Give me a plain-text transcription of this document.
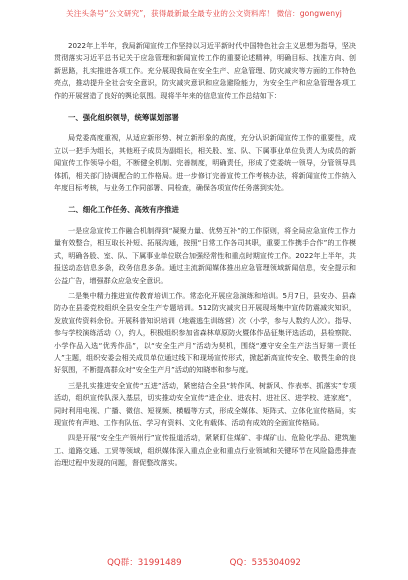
关注头条号“公文研究”，获得最新最全最专业的公文资料库！ 微信：gongwenyj

2022年上半年，我局新闻宣传工作坚持以习近平新时代中国特色社会主义思想为指导，坚决贯彻落实习近平总书记关于应急管理和新闻宣传工作的重要论述精神，明确目标、找准方向、创新思路，扎实推进各项工作。充分展现我局在安全生产、应急管理、防灾减灾等方面的工作特色亮点，推动提升全社会安全意识，防灾减灾意识和应急避险能力，为安全生产和应急管理各项工作的开展营造了良好的舆论氛围。现将半年来的信息宣传工作总结如下：

一、强化组织领导，统筹谋划部署

局党委高度重视，从适应新形势、树立新形象的高度，充分认识新闻宣传工作的重要性，成立以一把手为组长，其他班子成员为副组长，相关股、室、队、下属事业单位负责人为成员的新闻宣传工作领导小组，不断健全机制、完善制度，明确责任，形成了党委统一领导，分管领导具体抓，相关部门协调配合的工作格局。进一步修订完善宣传工作考核办法，将新闻宣传工作纳入年度目标考核，与业务工作同部署、同检查，确保各项宣传任务落到实处。

二、细化工作任务、高效有序推进

一是应急宣传工作融合机制得到“凝聚力量、优势互补”的工作原则，将全局应急宣传工作力量有效整合，相互取长补短、拓展沟通，按照“日常工作各司其职，重要工作携手合作”的工作模式，明确各股、室、队、下属事业单位联合加强经常性和重点时期宣传工作。2022年上半年，共报送动态信息多条，政务信息多条。通过主流新闻媒体推出应急管理领域新闻信息，安全提示和公益广告，增强群众应急安全意识。

二是集中精力推进宣传教育培训工作。常态化开展应急演练和培训。5月7日，县安办、县森防办在县委党校组织全县安全生产专题培训。512防灾减灾日开展现场集中宣传防震减灾知识，发放宣传资料余份。开展科普知识培训（地震逃生训练营）次（小学，参与人数约人次）。指导、参与学校演练活动（），约人，积极组织参加省森林草原防火暨体作品征集评选活动，县检察院、小学作品入选“优秀作品”，以“安全生产月”活动为契机，围绕“遵守安全生产法当好第一责任人”主题，组织安委会相关成员单位通过线下和现场宣传形式，掀起新高宣传安全、敬畏生命的良好氛围，不断提高群众对“安全生产月”活动的知晓率和参与度。

三是扎实推进安全宣传“五进”活动，紧密结合全县“转作风、树新风、作表率、抓落实”专项活动，组织宣传队深入基层，切实推动安全宣传“进企业、进农村、进社区、进学校、进家庭”，同时利用电视、广播、微信、短视频、横幅等方式，形成全媒体、矩阵式、立体化宣传格局，实现宣传有声地、工作有队伍、学习有资料、文化有载体、活动有成效的全面宣传格局。

四是开展“安全生产领州行”宣传报道活动，紧紧盯住煤矿、非煤矿山、危险化学品、建筑施工、道路交通、工贸等领域，组织媒体深入重点企业和重点行业领域和关键环节在风险隐患排查治理过程中发现的问题，督促整改落实。

QQ群：31991489	QQ：535304092
